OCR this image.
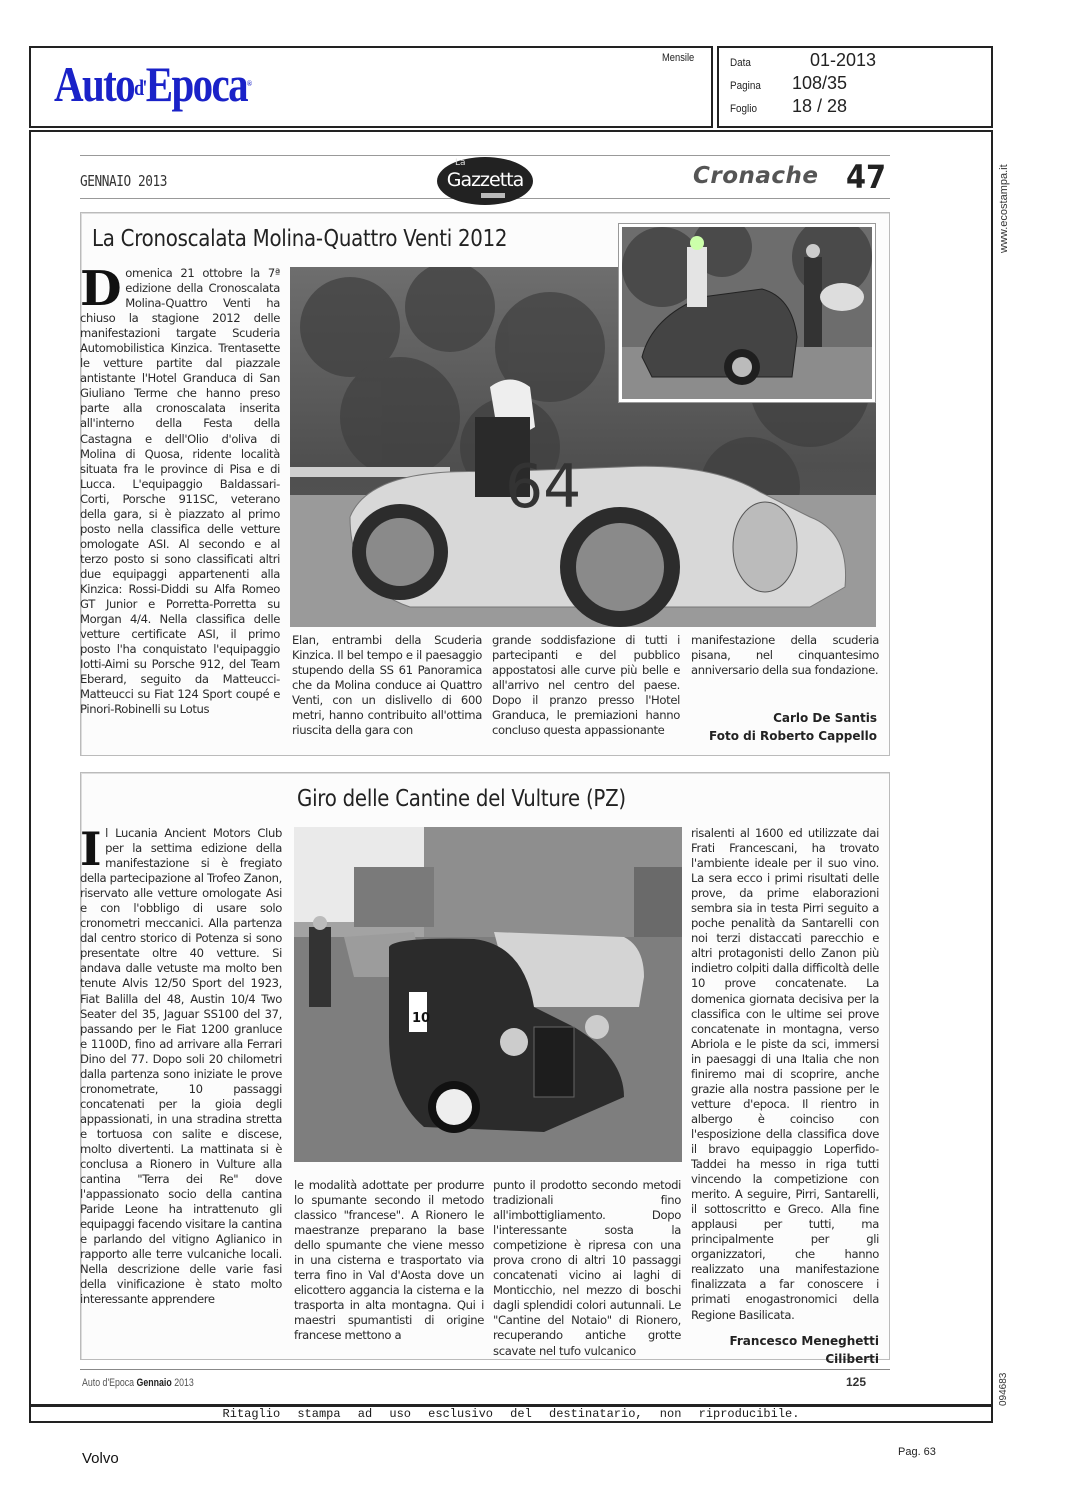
Auto$^{d'}$Epoca®
Mensile	Data	01-2013
Pagina 108/35
Foglio 18 / 28
www.ecostampa.it
094683
GENNAIO 2013
La
Gazzetta	Cronache 47
La Cronoscalata Molina-Quattro Venti 2012
64
Domenica 21 ottobre la 7ª edizione della Cronoscalata Molina-Quattro Venti ha chiuso la stagione 2012 delle manifestazioni targate Scuderia Automobilistica Kinzica. Trentasette le vetture partite dal piazzale antistante l'Hotel Granduca di San Giuliano Terme che hanno preso parte alla cronoscalata inserita all'interno della Festa della Castagna e dell'Olio d'oliva di Molina di Quosa, ridente località situata fra le province di Pisa e di Lucca. L'equipaggio Baldassari-Corti, Porsche 911SC, veterano della gara, si è piazzato al primo posto nella classifica delle vetture omologate ASI. Al secondo e al terzo posto si sono classificati altri due equipaggi appartenenti alla Kinzica: Rossi-Diddi su Alfa Romeo GT Junior e Porretta-Porretta su Morgan 4/4. Nella classifica delle vetture certificate ASI, il primo posto l'ha conquistato l'equipaggio Iotti-Aimi su Porsche 912, del Team Eberard, seguito da Matteucci-Matteucci su Fiat 124 Sport coupé e Pinori-Robinelli su Lotus
Elan, entrambi della Scuderia Kinzica. Il bel tempo e il paesaggio stupendo della SS 61 Panoramica che da Molina conduce ai Quattro Venti, con un dislivello di 600 metri, hanno contribuito all'ottima riuscita della gara con
grande soddisfazione di tutti i partecipanti e del pubblico appostatosi alle curve più belle e all'arrivo nel centro del paese. Dopo il pranzo presso l'Hotel Granduca, le premiazioni hanno concluso questa appassionante
manifestazione della scuderia pisana, nel cinquantesimo anniversario della sua fondazione.
Carlo De Santis
Foto di Roberto Cappello
Giro delle Cantine del Vulture (PZ)
10
Il Lucania Ancient Motors Club per la settima edizione della manifestazione si è fregiato della partecipazione al Trofeo Zanon, riservato alle vetture omologate Asi e con l'obbligo di usare solo cronometri meccanici. Alla partenza dal centro storico di Potenza si sono presentate oltre 40 vetture. Si andava dalle vetuste ma molto ben tenute Alvis 12/50 Sport del 1923, Fiat Balilla del 48, Austin 10/4 Two Seater del 35, Jaguar SS100 del 37, passando per le Fiat 1200 granluce e 1100D, fino ad arrivare alla Ferrari Dino del 77. Dopo soli 20 chilometri dalla partenza sono iniziate le prove cronometrate, 10 passaggi concatenati per la gioia degli appassionati, in una stradina stretta e tortuosa con salite e discese, molto divertenti. La mattinata si è conclusa a Rionero in Vulture alla cantina "Terra dei Re" dove l'appassionato socio della cantina Paride Leone ha intrattenuto gli equipaggi facendo visitare la cantina e parlando del vitigno Aglianico in rapporto alle terre vulcaniche locali. Nella descrizione delle varie fasi della vinificazione è stato molto interessante apprendere
le modalità adottate per produrre lo spumante secondo il metodo classico "francese". A Rionero le maestranze preparano la base dello spumante che viene messo in una cisterna e trasportato via terra fino in Val d'Aosta dove un elicottero aggancia la cisterna e la trasporta in alta montagna. Qui i maestri spumantisti di origine francese mettono a
punto il prodotto secondo metodi tradizionali fino all'imbottigliamento. Dopo l'interessante sosta la competizione è ripresa con una prova crono di altri 10 passaggi concatenati vicino ai laghi di Monticchio, nel mezzo di boschi dagli splendidi colori autunnali. Le "Cantine del Notaio" di Rionero, recuperando antiche grotte scavate nel tufo vulcanico
risalenti al 1600 ed utilizzate dai Frati Francescani, ha trovato l'ambiente ideale per il suo vino. La sera ecco i primi risultati delle prove, da prime elaborazioni sembra sia in testa Pirri seguito a poche penalità da Santarelli con noi terzi distaccati parecchio e altri protagonisti dello Zanon più indietro colpiti dalla difficoltà delle 10 prove concatenate. La domenica giornata decisiva per la classifica con le ultime sei prove concatenate in montagna, verso Abriola e le piste da sci, immersi in paesaggi di una Italia che non finiremo mai di scoprire, anche grazie alla nostra passione per le vetture d'epoca. Il rientro in albergo è coinciso con l'esposizione della classifica dove il bravo equipaggio Loperfido-Taddei ha messo in riga tutti vincendo la competizione con merito. A seguire, Pirri, Santarelli, il sottoscritto e Greco. Alla fine applausi per tutti, ma principalmente per gli organizzatori, che hanno realizzato una manifestazione finalizzata a far conoscere i primati enogastronomici della Regione Basilicata.
Francesco Meneghetti Ciliberti
Auto d'Epoca Gennaio 2013	125
Ritaglio stampa ad uso esclusivo del destinatario, non riproducibile.
Volvo	Pag. 63
